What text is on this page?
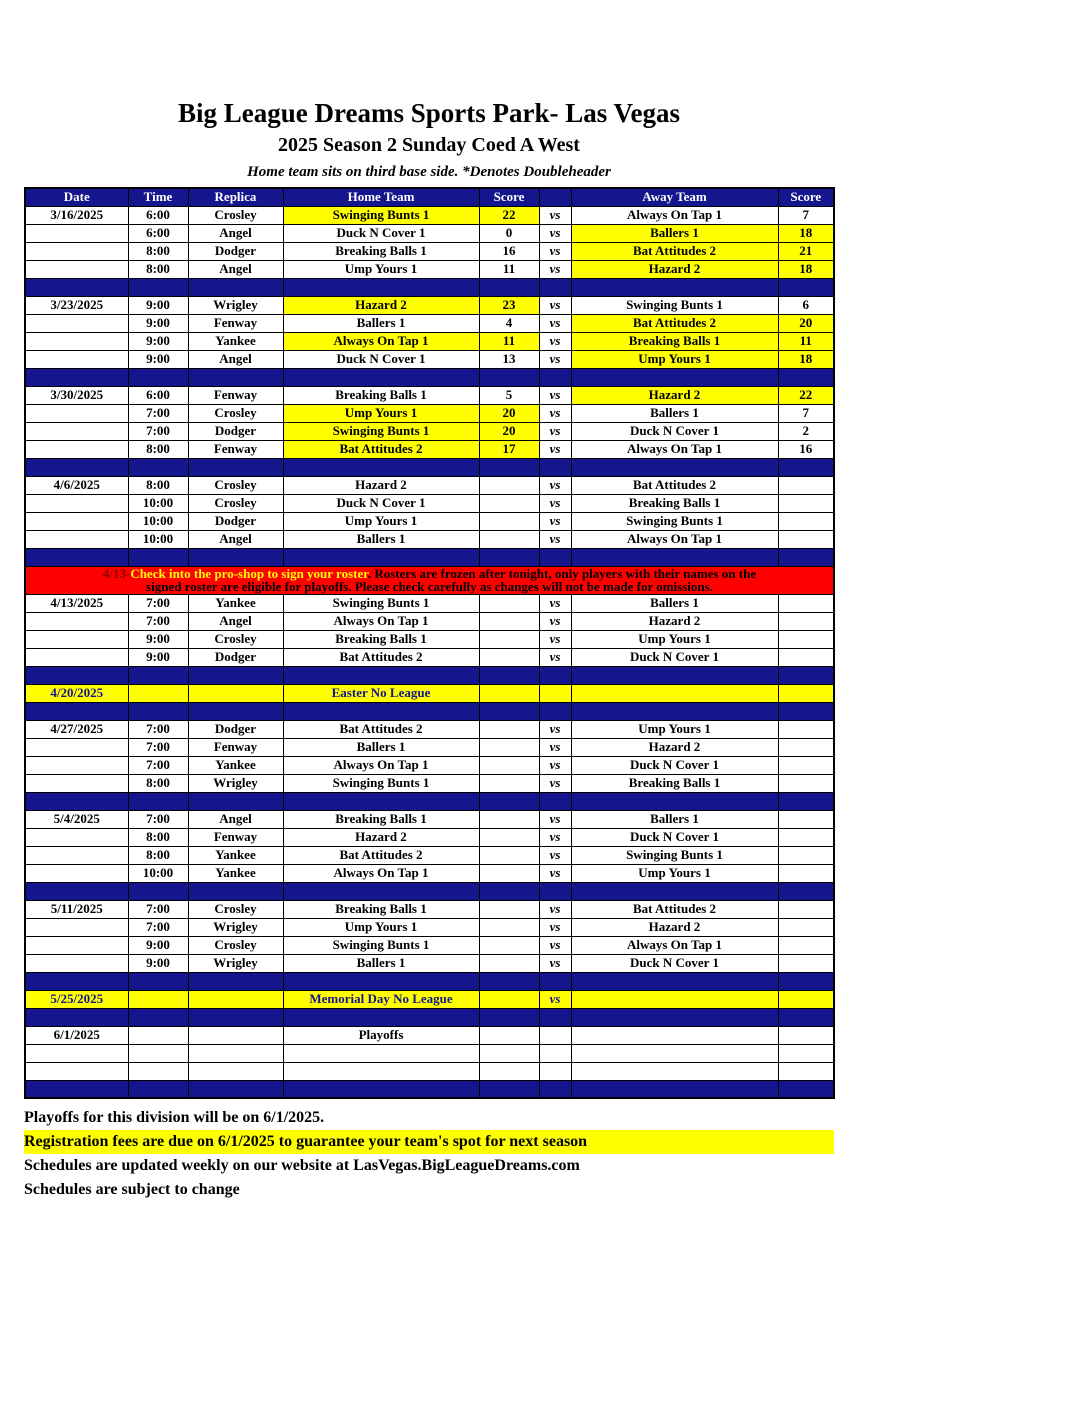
Big League Dreams Sports Park- Las Vegas
2025 Season 2 Sunday Coed A West
Home team sits on third base side. *Denotes Doubleheader
Date	Time	Replica	Home Team	Score		Away Team	Score
3/16/2025	6:00	Crosley	Swinging Bunts 1	22	vs	Always On Tap 1	7
	6:00	Angel	Duck N Cover 1	0	vs	Ballers 1	18
	8:00	Dodger	Breaking Balls 1	16	vs	Bat Attitudes 2	21
	8:00	Angel	Ump Yours 1	11	vs	Hazard 2	18

3/23/2025	9:00	Wrigley	Hazard 2	23	vs	Swinging Bunts 1	6
	9:00	Fenway	Ballers 1	4	vs	Bat Attitudes 2	20
	9:00	Yankee	Always On Tap 1	11	vs	Breaking Balls 1	11
	9:00	Angel	Duck N Cover 1	13	vs	Ump Yours 1	18

3/30/2025	6:00	Fenway	Breaking Balls 1	5	vs	Hazard 2	22
	7:00	Crosley	Ump Yours 1	20	vs	Ballers 1	7
	7:00	Dodger	Swinging Bunts 1	20	vs	Duck N Cover 1	2
	8:00	Fenway	Bat Attitudes 2	17	vs	Always On Tap 1	16

4/6/2025	8:00	Crosley	Hazard 2		vs	Bat Attitudes 2	
	10:00	Crosley	Duck N Cover 1		vs	Breaking Balls 1	
	10:00	Dodger	Ump Yours 1		vs	Swinging Bunts 1	
	10:00	Angel	Ballers 1		vs	Always On Tap 1	

4/13-Check into the pro-shop to sign your roster. Rosters are frozen after tonight, only players with their names on the
signed roster are eligible for playoffs. Please check carefully as changes will not be made for omissions.							
4/13/2025	7:00	Yankee	Swinging Bunts 1		vs	Ballers 1	
	7:00	Angel	Always On Tap 1		vs	Hazard 2	
	9:00	Crosley	Breaking Balls 1		vs	Ump Yours 1	
	9:00	Dodger	Bat Attitudes 2		vs	Duck N Cover 1	

4/20/2025			Easter No League				

4/27/2025	7:00	Dodger	Bat Attitudes 2		vs	Ump Yours 1	
	7:00	Fenway	Ballers 1		vs	Hazard 2	
	7:00	Yankee	Always On Tap 1		vs	Duck N Cover 1	
	8:00	Wrigley	Swinging Bunts 1		vs	Breaking Balls 1	

5/4/2025	7:00	Angel	Breaking Balls 1		vs	Ballers 1	
	8:00	Fenway	Hazard 2		vs	Duck N Cover 1	
	8:00	Yankee	Bat Attitudes 2		vs	Swinging Bunts 1	
	10:00	Yankee	Always On Tap 1		vs	Ump Yours 1	

5/11/2025	7:00	Crosley	Breaking Balls 1		vs	Bat Attitudes 2	
	7:00	Wrigley	Ump Yours 1		vs	Hazard 2	
	9:00	Crosley	Swinging Bunts 1		vs	Always On Tap 1	
	9:00	Wrigley	Ballers 1		vs	Duck N Cover 1	

5/25/2025			Memorial Day No League		vs		

6/1/2025			Playoffs				

Playoffs for this division will be on 6/1/2025.
Registration fees are due on 6/1/2025 to guarantee your team's spot for next season
Schedules are updated weekly on our website at LasVegas.BigLeagueDreams.com
Schedules are subject to change
